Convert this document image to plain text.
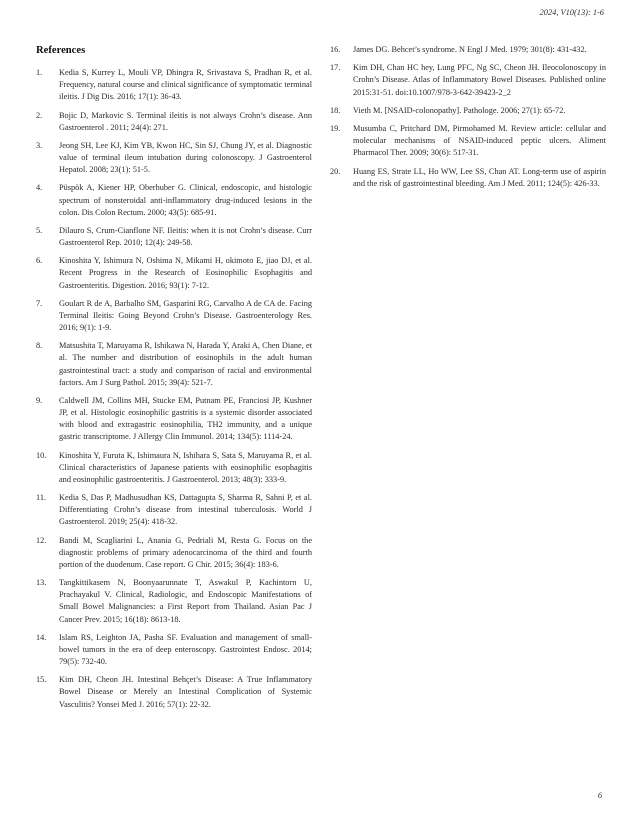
2024, V10(13): 1-6
References
1. Kedia S, Kurrey L, Mouli VP, Dhingra R, Srivastava S, Pradhan R, et al. Frequency, natural course and clinical significance of symptomatic terminal ileitis. J Dig Dis. 2016; 17(1): 36-43.
2. Bojic D, Markovic S. Terminal ileitis is not always Crohn’s disease. Ann Gastroenterol . 2011; 24(4): 271.
3. Jeong SH, Lee KJ, Kim YB, Kwon HC, Sin SJ, Chung JY, et al. Diagnostic value of terminal ileum intubation during colonoscopy. J Gastroenterol Hepatol. 2008; 23(1): 51-5.
4. Püspök A, Kiener HP, Oberhuber G. Clinical, endoscopic, and histologic spectrum of nonsteroidal anti-inflammatory drug-induced lesions in the colon. Dis Colon Rectum. 2000; 43(5): 685-91.
5. Dilauro S, Crum-Cianflone NF. Ileitis: when it is not Crohn’s disease. Curr Gastroenterol Rep. 2010; 12(4): 249-58.
6. Kinoshita Y, Ishimura N, Oshima N, Mikami H, okimoto E, jiao DJ, et al. Recent Progress in the Research of Eosinophilic Esophagitis and Gastroenteritis. Digestion. 2016; 93(1): 7-12.
7. Goulart R de A, Barbalho SM, Gasparini RG, Carvalho A de CA de. Facing Terminal Ileitis: Going Beyond Crohn’s Disease. Gastroenterology Res. 2016; 9(1): 1-9.
8. Matsushita T, Maruyama R, Ishikawa N, Harada Y, Araki A, Chen Diane, et al. The number and distribution of eosinophils in the adult human gastrointestinal tract: a study and comparison of racial and environmental factors. Am J Surg Pathol. 2015; 39(4): 521-7.
9. Caldwell JM, Collins MH, Stucke EM, Putnam PE, Franciosi JP, Kushner JP, et al. Histologic eosinophilic gastritis is a systemic disorder associated with blood and extragastric eosinophilia, TH2 immunity, and a unique gastric transcriptome. J Allergy Clin Immunol. 2014; 134(5): 1114-24.
10. Kinoshita Y, Furuta K, Ishimaura N, Ishihara S, Sata S, Maruyama R, et al. Clinical characteristics of Japanese patients with eosinophilic esophagitis and eosinophilic gastroenteritis. J Gastroenterol. 2013; 48(3): 333-9.
11. Kedia S, Das P, Madhusudhan KS, Dattagupta S, Sharma R, Sahni P, et al. Differentiating Crohn’s disease from intestinal tuberculosis. World J Gastroenterol. 2019; 25(4): 418-32.
12. Bandi M, Scagliarini L, Anania G, Pedriali M, Resta G. Focus on the diagnostic problems of primary adenocarcinoma of the third and fourth portion of the duodenum. Case report. G Chir. 2015; 36(4): 183-6.
13. Tangkittikasem N, Boonyaarunnate T, Aswakul P, Kachintorn U, Prachayakul V. Clinical, Radiologic, and Endoscopic Manifestations of Small Bowel Malignancies: a First Report from Thailand. Asian Pac J Cancer Prev. 2015; 16(18): 8613-18.
14. Islam RS, Leighton JA, Pasha SF. Evaluation and management of small-bowel tumors in the era of deep enteroscopy. Gastrointest Endosc. 2014; 79(5): 732-40.
15. Kim DH, Cheon JH. Intestinal Behçet’s Disease: A True Inflammatory Bowel Disease or Merely an Intestinal Complication of Systemic Vasculitis? Yonsei Med J. 2016; 57(1): 22-32.
16. James DG. Behcet’s syndrome. N Engl J Med. 1979; 301(8): 431-432.
17. Kim DH, Chan HC hey, Lung PFC, Ng SC, Cheon JH. Ileocolonoscopy in Crohn’s Disease. Atlas of Inflammatory Bowel Diseases. Published online 2015:31-51. doi:10.1007/978-3-642-39423-2_2
18. Vieth M. [NSAID-colonopathy]. Pathologe. 2006; 27(1): 65-72.
19. Musumba C, Pritchard DM, Pirmohamed M. Review article: cellular and molecular mechanisms of NSAID-induced peptic ulcers. Aliment Pharmacol Ther. 2009; 30(6): 517-31.
20. Huang ES, Strate LL, Ho WW, Lee SS, Chan AT. Long-term use of aspirin and the risk of gastrointestinal bleeding. Am J Med. 2011; 124(5): 426-33.
6
